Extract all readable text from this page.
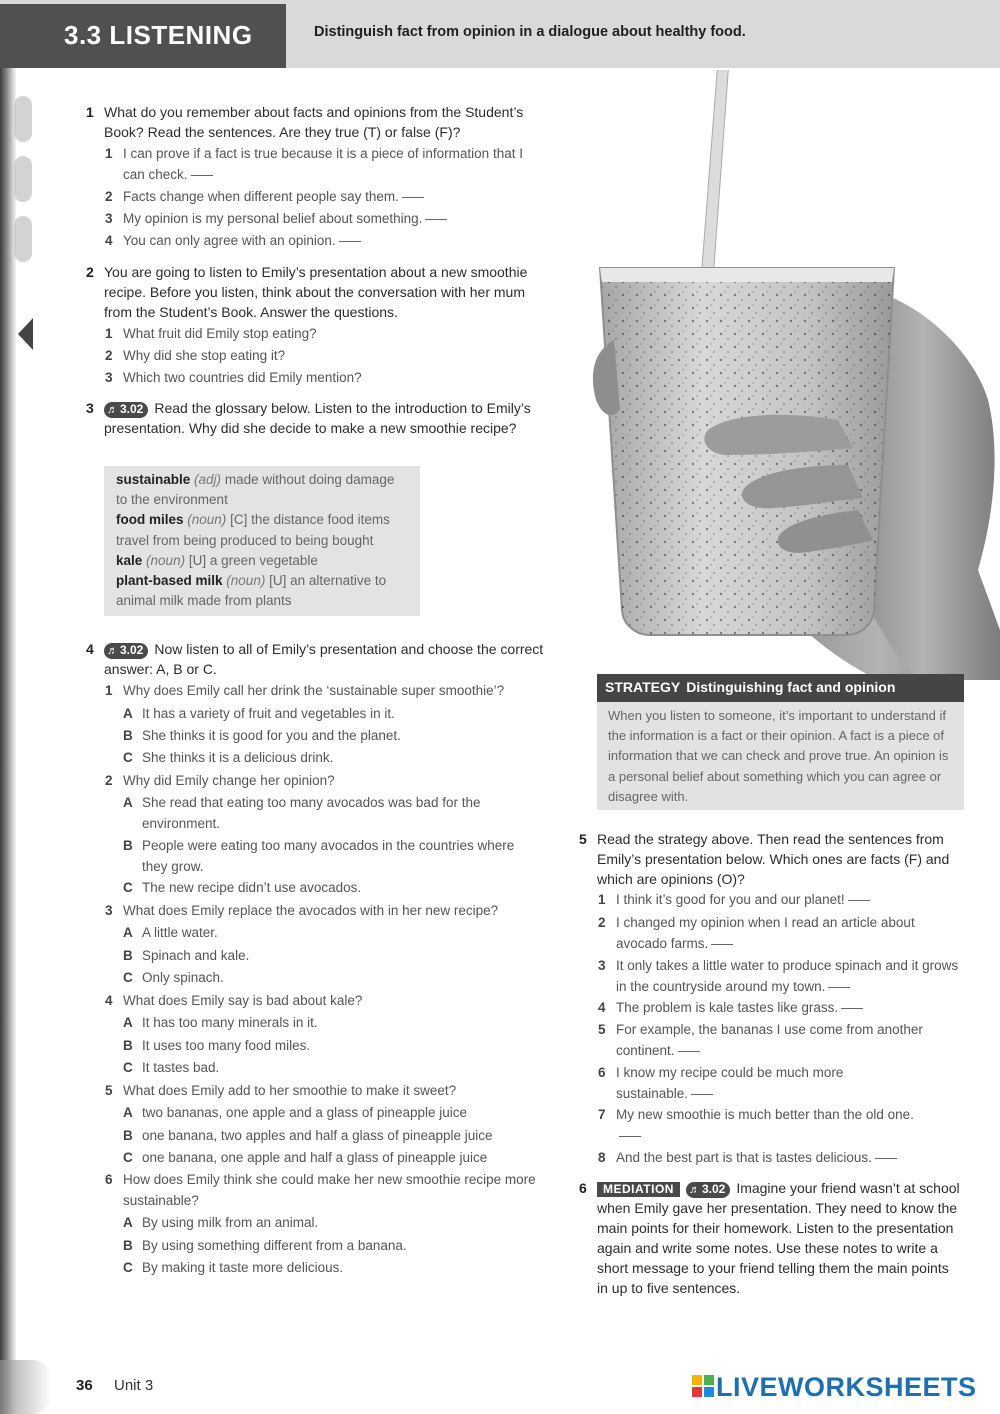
3.3 LISTENING	Distinguish fact from opinion in a dialogue about healthy food.
1 What do you remember about facts and opinions from the Student’s Book? Read the sentences. Are they true (T) or false (F)?
1 I can prove if a fact is true because it is a piece of information that I can check.
2 Facts change when different people say them.
3 My opinion is my personal belief about something.
4 You can only agree with an opinion.
2 You are going to listen to Emily’s presentation about a new smoothie recipe. Before you listen, think about the conversation with her mum from the Student’s Book. Answer the questions.
1 What fruit did Emily stop eating?
2 Why did she stop eating it?
3 Which two countries did Emily mention?
3 ♬ 3.02 Read the glossary below. Listen to the introduction to Emily’s presentation. Why did she decide to make a new smoothie recipe?
sustainable (adj) made without doing damage to the environment
food miles (noun) [C] the distance food items travel from being produced to being bought
kale (noun) [U] a green vegetable
plant-based milk (noun) [U] an alternative to animal milk made from plants
4 ♬ 3.02 Now listen to all of Emily’s presentation and choose the correct answer: A, B or C.
1 Why does Emily call her drink the ‘sustainable super smoothie’?
A It has a variety of fruit and vegetables in it.
B She thinks it is good for you and the planet.
C She thinks it is a delicious drink.
2 Why did Emily change her opinion?
A She read that eating too many avocados was bad for the environment.
B People were eating too many avocados in the countries where they grow.
C The new recipe didn’t use avocados.
3 What does Emily replace the avocados with in her new recipe?
A A little water.
B Spinach and kale.
C Only spinach.
4 What does Emily say is bad about kale?
A It has too many minerals in it.
B It uses too many food miles.
C It tastes bad.
5 What does Emily add to her smoothie to make it sweet?
A two bananas, one apple and a glass of pineapple juice
B one banana, two apples and half a glass of pineapple juice
C one banana, one apple and half a glass of pineapple juice
6 How does Emily think she could make her new smoothie recipe more sustainable?
A By using milk from an animal.
B By using something different from a banana.
C By making it taste more delicious.
STRATEGY Distinguishing fact and opinion
When you listen to someone, it’s important to understand if the information is a fact or their opinion. A fact is a piece of information that we can check and prove true. An opinion is a personal belief about something which you can agree or disagree with.
5 Read the strategy above. Then read the sentences from Emily’s presentation below. Which ones are facts (F) and which are opinions (O)?
1 I think it’s good for you and our planet!
2 I changed my opinion when I read an article about avocado farms.
3 It only takes a little water to produce spinach and it grows in the countryside around my town.
4 The problem is kale tastes like grass.
5 For example, the bananas I use come from another continent.
6 I know my recipe could be much more sustainable.
7 My new smoothie is much better than the old one.
8 And the best part is that is tastes delicious.
6 MEDIATION ♬ 3.02 Imagine your friend wasn’t at school when Emily gave her presentation. They need to know the main points for their homework. Listen to the presentation again and write some notes. Use these notes to write a short message to your friend telling them the main points in up to five sentences.
36 Unit 3	LIVEWORKSHEETS
